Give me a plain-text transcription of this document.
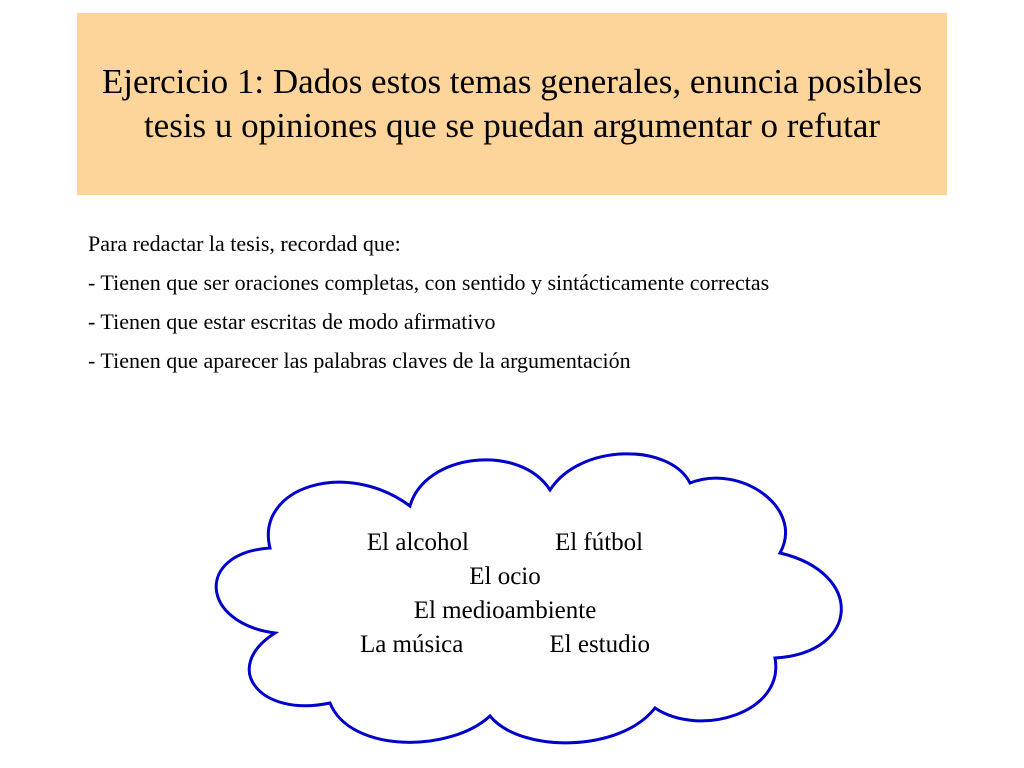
Ejercicio 1: Dados estos temas generales, enuncia posibles tesis u opiniones que se puedan argumentar o refutar

Para redactar la tesis, recordad que:

- Tienen que ser oraciones completas, con sentido y sintácticamente correctas

- Tienen que estar escritas de modo afirmativo

- Tienen que aparecer las palabras claves de la argumentación

El alcohol	El fútbol
El ocio
El medioambiente
La música	El estudio
